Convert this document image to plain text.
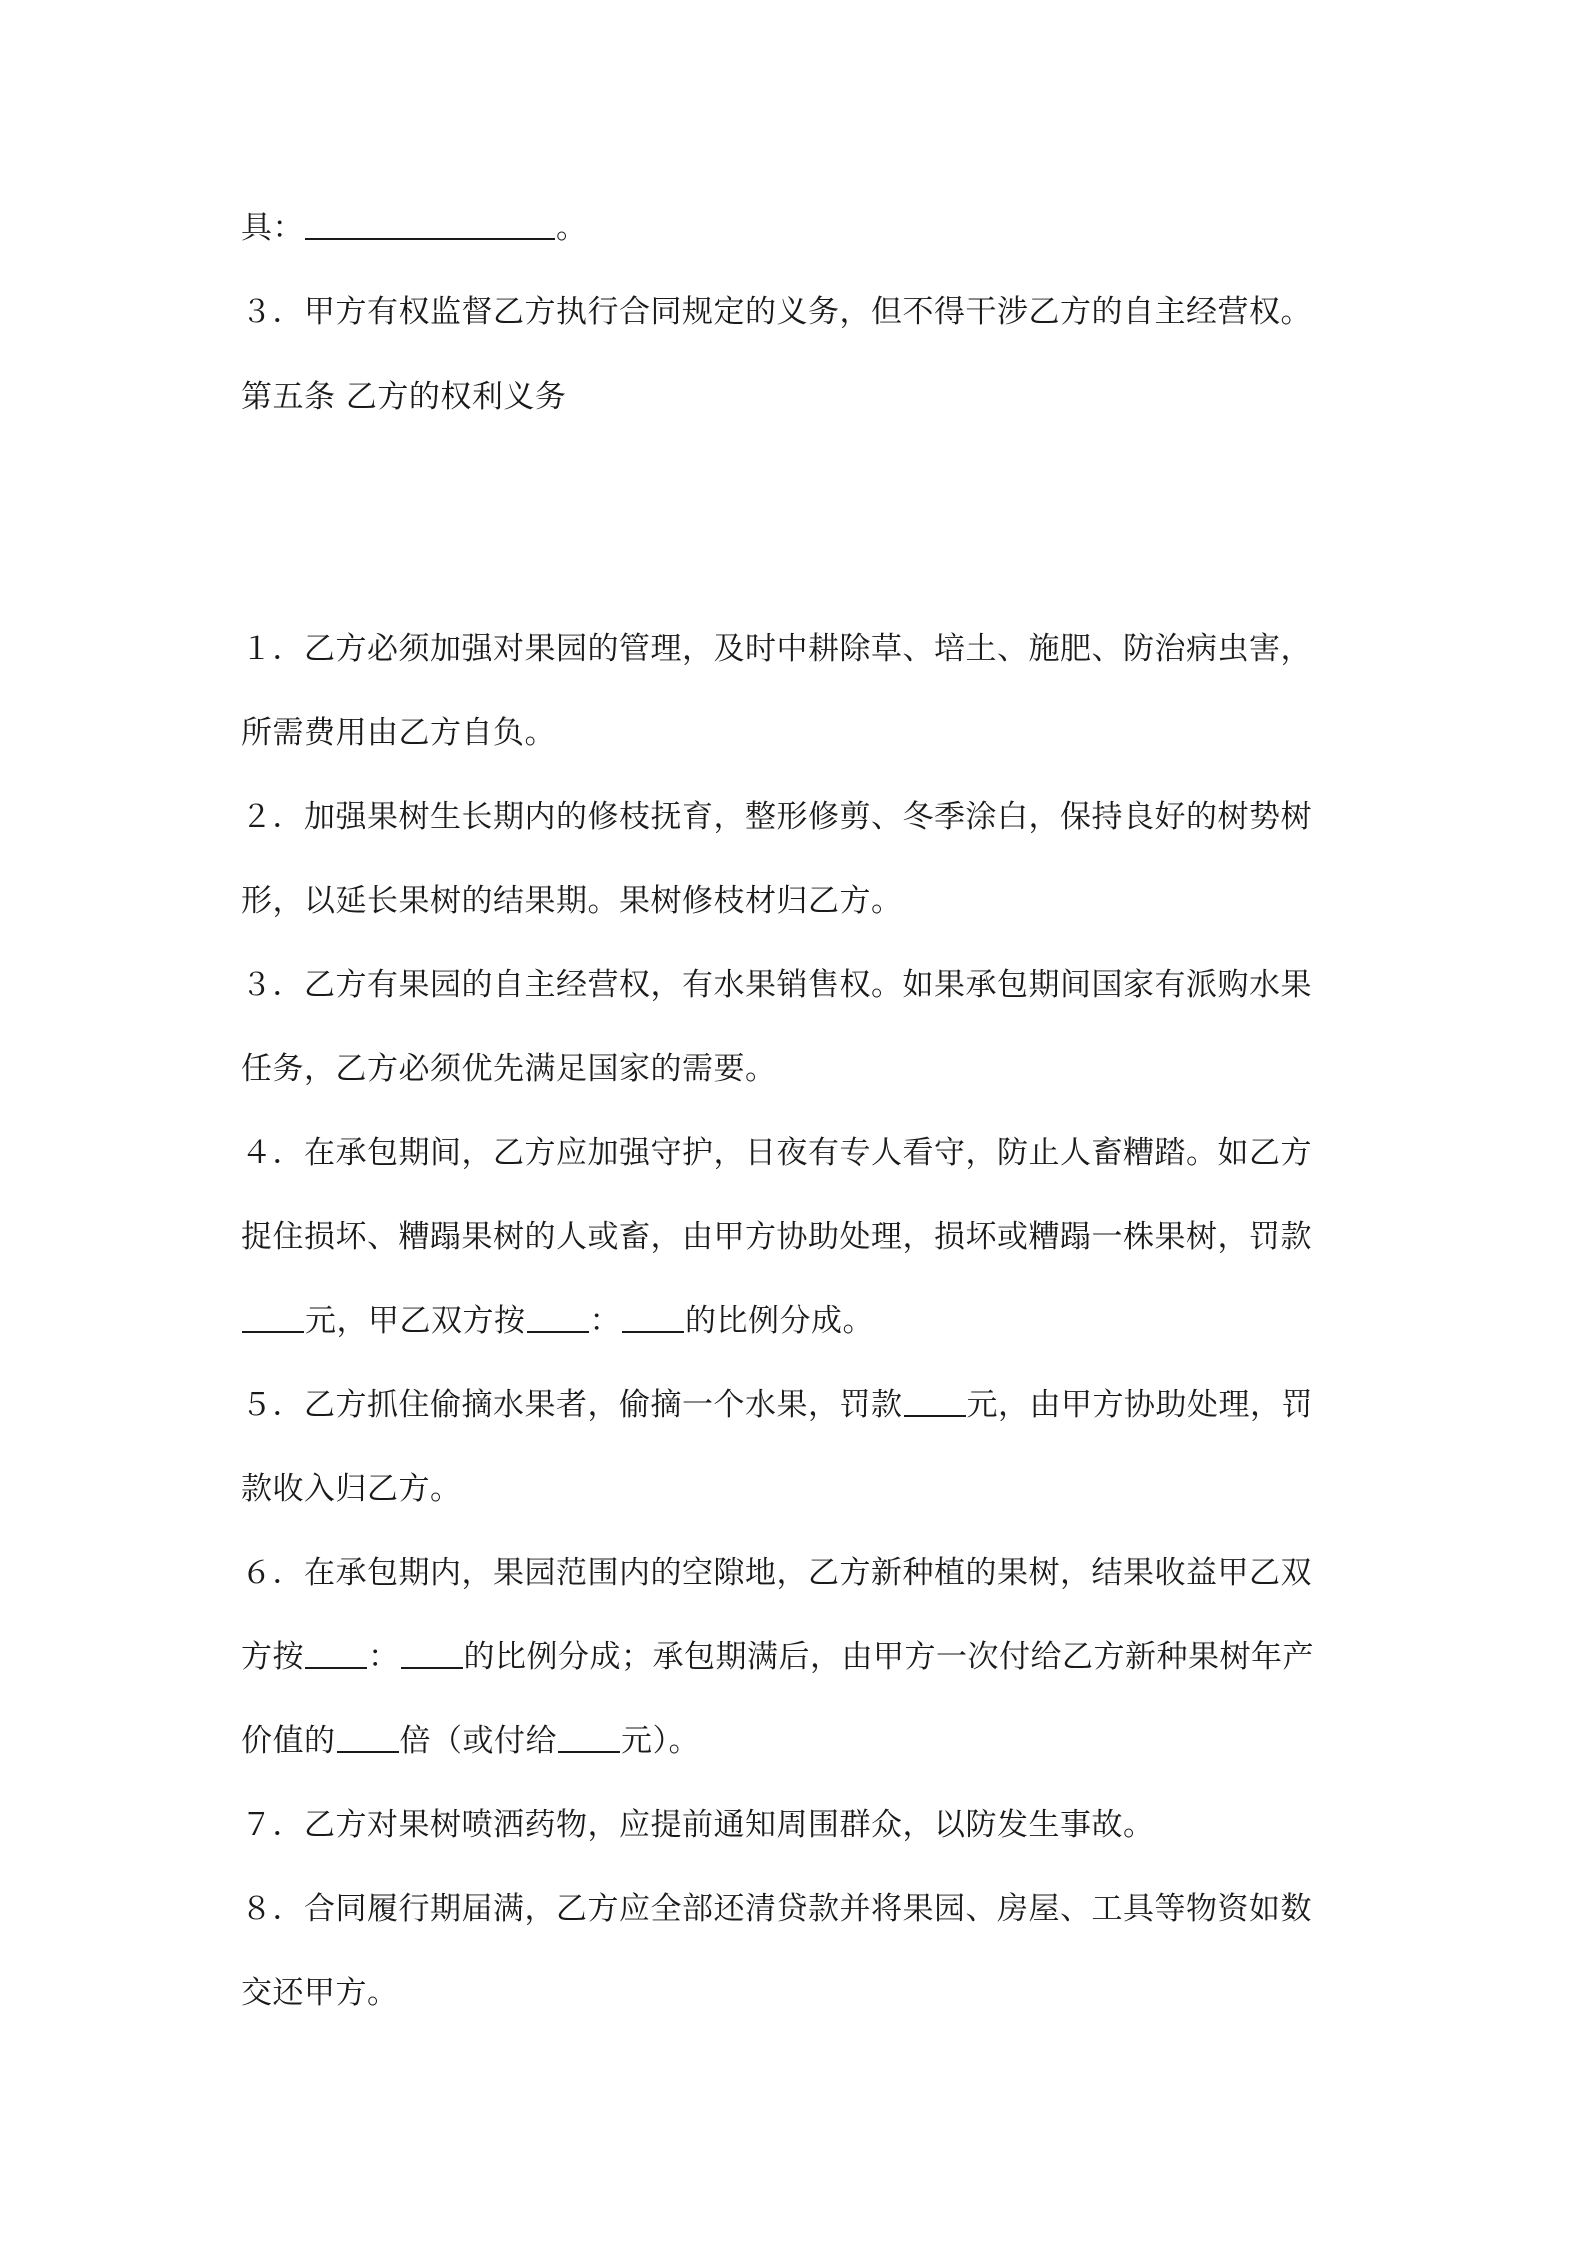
具：	。
３．甲方有权监督乙方执行合同规定的义务，但不得干涉乙方的自主经营权。
第五条 乙方的权利义务
１．乙方必须加强对果园的管理，及时中耕除草、培土、施肥、防治病虫害，
所需费用由乙方自负。
２．加强果树生长期内的修枝抚育，整形修剪、冬季涂白，保持良好的树势树
形，以延长果树的结果期。果树修枝材归乙方。
３．乙方有果园的自主经营权，有水果销售权。如果承包期间国家有派购水果
任务，乙方必须优先满足国家的需要。
４．在承包期间，乙方应加强守护，日夜有专人看守，防止人畜糟踏。如乙方
捉住损坏、糟蹋果树的人或畜，由甲方协助处理，损坏或糟蹋一株果树，罚款
元，甲乙双方按 ： 的比例分成。
５．乙方抓住偷摘水果者，偷摘一个水果，罚款 元，由甲方协助处理，罚
款收入归乙方。
６．在承包期内，果园范围内的空隙地，乙方新种植的果树，结果收益甲乙双
方按 ： 的比例分成；承包期满后，由甲方一次付给乙方新种果树年产
价值的 倍（或付给 元）。
７．乙方对果树喷洒药物，应提前通知周围群众，以防发生事故。
８．合同履行期届满，乙方应全部还清贷款并将果园、房屋、工具等物资如数
交还甲方。
